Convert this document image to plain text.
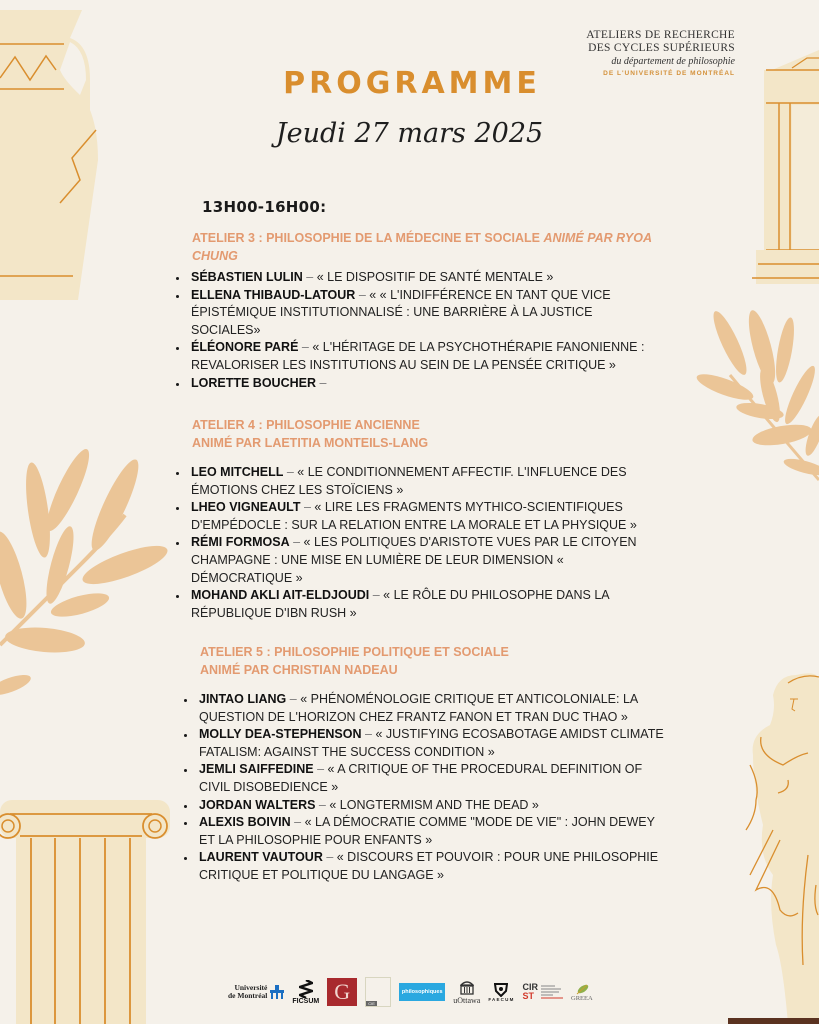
ATELIERS DE RECHERCHE
DES CYCLES SUPÉRIEURS
du département de philosophie
DE L'UNIVERSITÉ DE MONTRÉAL
PROGRAMME
Jeudi 27 mars 2025
13H00-16H00:
ATELIER 3 : PHILOSOPHIE DE LA MÉDECINE ET SOCIALE ANIMÉ PAR RYOA CHUNG
SÉBASTIEN LULIN – « LE DISPOSITIF DE SANTÉ MENTALE »
ELLENA THIBAUD-LATOUR – « « L'INDIFFÉRENCE EN TANT QUE VICE ÉPISTÉMIQUE INSTITUTIONNALISÉ : UNE BARRIÈRE À LA JUSTICE SOCIALES»
ÉLÉONORE PARÉ – « L'HÉRITAGE DE LA PSYCHOTHÉRAPIE FANONIENNE : REVALORISER LES INSTITUTIONS AU SEIN DE LA PENSÉE CRITIQUE »
LORETTE BOUCHER –
ATELIER 4 : PHILOSOPHIE ANCIENNE
ANIMÉ PAR LAETITIA MONTEILS-LANG
LEO MITCHELL – « LE CONDITIONNEMENT AFFECTIF. L'INFLUENCE DES ÉMOTIONS CHEZ LES STOÏCIENS »
LHEO VIGNEAULT – « LIRE LES FRAGMENTS MYTHICO-SCIENTIFIQUES D'EMPÉDOCLE : SUR LA RELATION ENTRE LA MORALE ET LA PHYSIQUE »
RÉMI FORMOSA – « LES POLITIQUES D'ARISTOTE VUES PAR LE CITOYEN CHAMPAGNE : UNE MISE EN LUMIÈRE DE LEUR DIMENSION « DÉMOCRATIQUE »
MOHAND AKLI AIT-ELDJOUDI – « LE RÔLE DU PHILOSOPHE DANS LA RÉPUBLIQUE D'IBN RUSH »
ATELIER 5 : PHILOSOPHIE POLITIQUE ET SOCIALE
ANIMÉ PAR CHRISTIAN NADEAU
JINTAO LIANG – « PHÉNOMÉNOLOGIE CRITIQUE ET ANTICOLONIALE: LA QUESTION DE L'HORIZON CHEZ FRANTZ FANON ET TRAN DUC THAO »
MOLLY DEA-STEPHENSON – « JUSTIFYING ECOSABOTAGE AMIDST CLIMATE FATALISM: AGAINST THE SUCCESS CONDITION »
JEMLI SAIFFEDINE – « A CRITIQUE OF THE PROCEDURAL DEFINITION OF CIVIL DISOBEDIENCE »
JORDAN WALTERS – « LONGTERMISM AND THE DEAD »
ALEXIS BOIVIN – « LA DÉMOCRATIE COMME "MODE DE VIE" : JOHN DEWEY ET LA PHILOSOPHIE POUR ENFANTS »
LAURENT VAUTOUR – « DISCOURS ET POUVOIR : POUR UNE PHILOSOPHIE CRITIQUE ET POLITIQUE DU LANGAGE »
Université
de Montréal
FICSUM G	CIE
philosophiques
uOttawa FAECUM
CIR
ST	GREEA
